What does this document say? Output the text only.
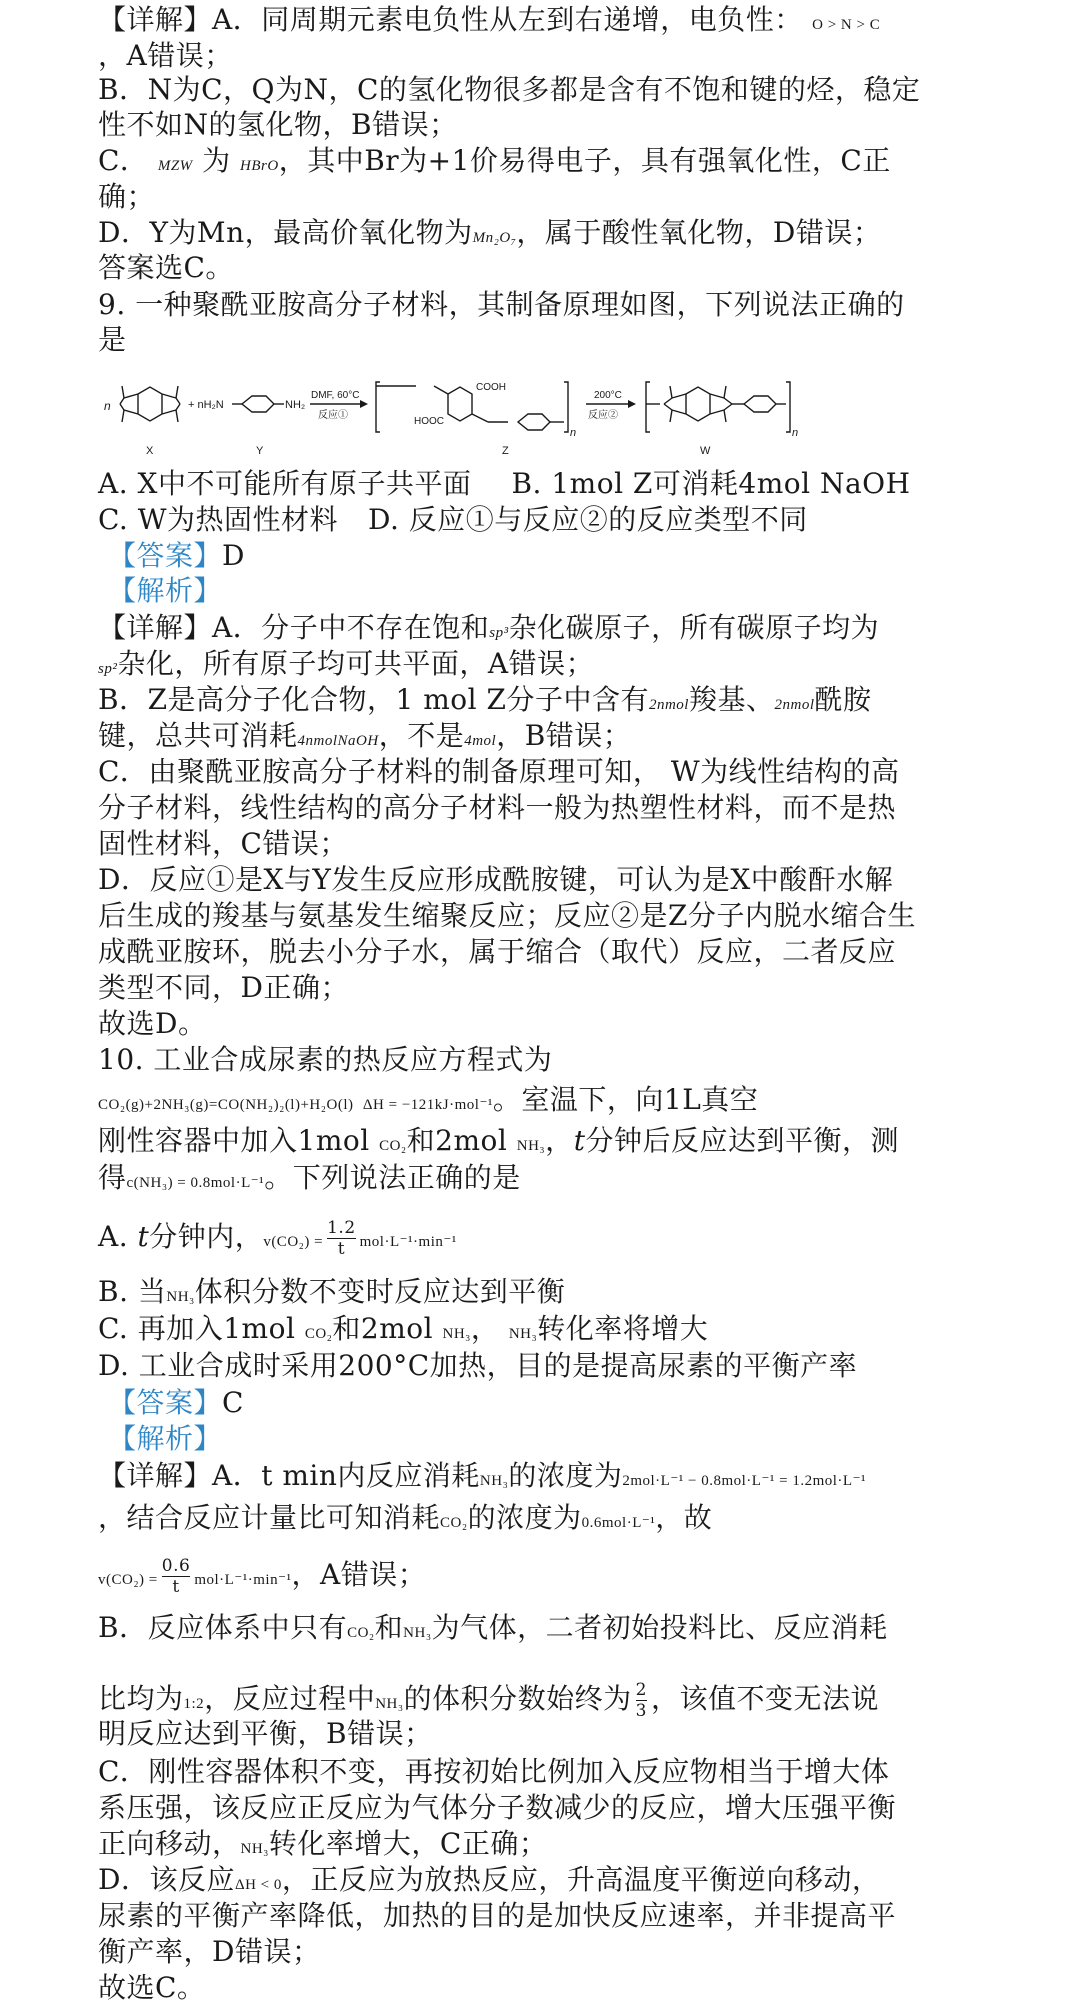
【详解】A．同周期元素电负性从左到右递增，电负性： O > N > C
，A错误；
B．N为C，Q为N，C的氢化物很多都是含有不饱和键的烃，稳定
性不如N的氢化物，B错误；
C． MZW 为 HBrO，其中Br为+1价易得电子，具有强氧化性，C正
确；
D．Y为Mn，最高价氧化物为Mn₂O₇，属于酸性氧化物，D错误；
答案选C。
9. 一种聚酰亚胺高分子材料，其制备原理如图，下列说法正确的
是
n	+ nH₂N	NH₂
DMF, 60°C
反应①
COOH
HOOC
n
200°C
反应②
n
X	Y	Z	W
A. X中不可能所有原子共平面 B. 1mol Z可消耗4mol NaOH
C. W为热固性材料 D. 反应①与反应②的反应类型不同
【答案】D
【解析】
【详解】A．分子中不存在饱和sp³杂化碳原子，所有碳原子均为
sp²杂化，所有原子均可共平面，A错误；
B．Z是高分子化合物，1 mol Z分子中含有2nmol羧基、2nmol酰胺
键，总共可消耗4nmolNaOH，不是4mol，B错误；
C．由聚酰亚胺高分子材料的制备原理可知， W为线性结构的高
分子材料，线性结构的高分子材料一般为热塑性材料，而不是热
固性材料，C错误；
D．反应①是X与Y发生反应形成酰胺键，可认为是X中酸酐水解
后生成的羧基与氨基发生缩聚反应；反应②是Z分子内脱水缩合生
成酰亚胺环，脱去小分子水，属于缩合（取代）反应，二者反应
类型不同，D正确；
故选D。
10. 工业合成尿素的热反应方程式为
CO₂(g)+2NH₃(g)=CO(NH₂)₂(l)+H₂O(l) ΔH = −121kJ·mol⁻¹。室温下，向1L真空
刚性容器中加入1mol CO₂和2mol NH₃，t分钟后反应达到平衡，测
得c(NH₃) = 0.8mol·L⁻¹。下列说法正确的是
A. t分钟内，$v(CO_2) = \frac{1.2}{t} mol\cdot L^{-1}\cdot\min^{-1}$
B. 当NH₃体积分数不变时反应达到平衡
C. 再加入1mol CO₂和2mol NH₃， NH₃转化率将增大
D. 工业合成时采用200°C加热，目的是提高尿素的平衡产率
【答案】C
【解析】
【详解】A．t min内反应消耗NH₃的浓度为2mol·L⁻¹ − 0.8mol·L⁻¹ = 1.2mol·L⁻¹
，结合反应计量比可知消耗CO₂的浓度为0.6mol·L⁻¹，故
$v(CO_2) = \frac{0.6}{t} mol\cdot L^{-1}\cdot\min^{-1}$，A错误；
B．反应体系中只有CO₂和NH₃为气体，二者初始投料比、反应消耗
比均为1:2，反应过程中NH₃的体积分数始终为 $\frac{2}{3}$ ，该值不变无法说
明反应达到平衡，B错误；
C．刚性容器体积不变，再按初始比例加入反应物相当于增大体
系压强，该反应正反应为气体分子数减少的反应，增大压强平衡
正向移动，NH₃转化率增大，C正确；
D．该反应ΔH < 0，正反应为放热反应，升高温度平衡逆向移动，
尿素的平衡产率降低，加热的目的是加快反应速率，并非提高平
衡产率，D错误；
故选C。
